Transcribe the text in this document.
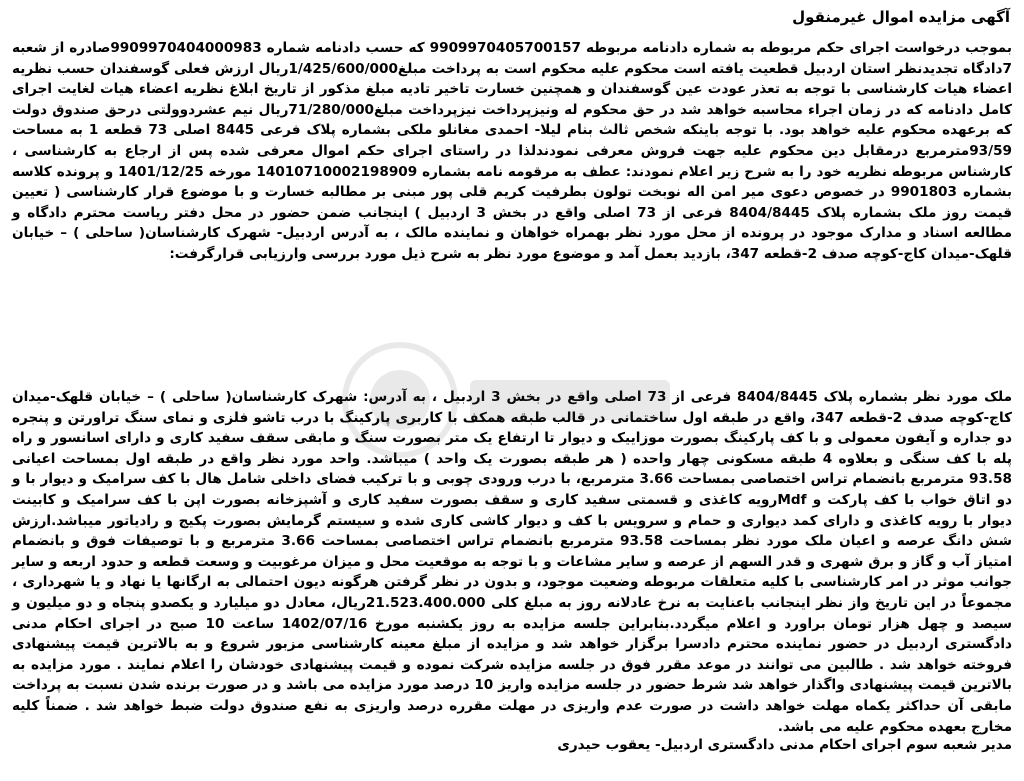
آگهی مزایده اموال غیرمنقول

بموجب درخواست اجرای حکم مربوطه به شماره دادنامه مربوطه 9909970405700157 که حسب دادنامه شماره 9909970404000983صادره از شعبه 7دادگاه تجدیدنظر استان اردبیل قطعیت یافته است محکوم علیه محکوم است به پرداخت مبلغ1/425/600/000ریال ارزش فعلی گوسفندان حسب نظریه اعضاء هیات کارشناسی با توجه به تعذر عودت عین گوسفندان و همچنین خسارت تاخیر تادیه مبلغ مذکور از تاریخ ابلاغ نظریه اعضاء هیات لغایت اجرای کامل دادنامه که در زمان اجراء محاسبه خواهد شد در حق محکوم له ونیزپرداخت نیزپرداخت مبلغ71/280/000ریال نیم عشردوولتی درحق صندوق دولت که برعهده محکوم علیه خواهد بود. با توجه باینکه شخص ثالث بنام لیلا- احمدی مغانلو ملکی بشماره پلاک فرعی 8445 اصلی 73 قطعه 1 به مساحت 93/59مترمربع درمقابل دین محکوم علیه جهت فروش معرفی نمودندلذا در راستای اجرای حکم اموال معرفی شده پس از ارجاع به کارشناسی ، کارشناس مربوطه نظریه خود را به شرح زیر اعلام نمودند: عطف به مرقومه نامه بشماره 14010710002198909 مورخه 1401/12/25 و پرونده کلاسه بشماره 9901803 در خصوص دعوی میر امن اله نوبخت تولون بطرفیت کریم قلی پور مبنی بر مطالبه خسارت و با موضوع قرار کارشناسی ( تعیین قیمت روز ملک بشماره پلاک 8404/8445 فرعی از 73 اصلی واقع در بخش 3 اردبیل ) اینجانب ضمن حضور در محل دفتر ریاست محترم دادگاه و مطالعه اسناد و مدارک موجود در پرونده از محل مورد نظر بهمراه خواهان و نماینده مالک ، به آدرس اردبیل- شهرک کارشناسان( ساحلی ) – خیابان قلهک-میدان کاج-کوچه صدف 2-قطعه 347، بازدید بعمل آمد و موضوع مورد نظر به شرح ذیل مورد بررسی وارزیابی قرارگرفت:

ملک مورد نظر بشماره پلاک 8404/8445 فرعی از 73 اصلی واقع در بخش 3 اردبیل ، به آدرس: شهرک کارشناسان( ساحلی ) – خیابان قلهک-میدان کاج-کوچه صدف 2-قطعه 347، واقع در طبقه اول ساختمانی در قالب طبقه همکف با کاربری پارکینگ با درب تاشو فلزی و نمای سنگ تراورتن و پنجره دو جداره و آیفون معمولی و با کف پارکینگ بصورت موزاییک و دیوار تا ارتفاع یک متر بصورت سنگ و مابقی سقف سفید کاری و دارای اسانسور و راه پله با کف سنگی و بعلاوه 4 طبقه مسکونی چهار واحده ( هر طبقه بصورت یک واحد ) میباشد. واحد مورد نظر واقع در طبقه اول بمساحت اعیانی 93.58 مترمربع بانضمام تراس اختصاصی بمساحت 3.66 مترمربع، با درب ورودی چوبی و با ترکیب فضای داخلی شامل هال با کف سرامیک و دیوار با و دو اتاق خواب با کف پارکت و Mdfرویه کاغذی و قسمتی سفید کاری و سقف بصورت سفید کاری و آشپزخانه بصورت اپن با کف سرامیک و کابینت دیوار با رویه کاغذی و دارای کمد دیواری و حمام و سرویس با کف و دیوار کاشی کاری شده و سیستم گرمایش بصورت پکیج و رادیاتور میباشد.ارزش شش دانگ عرصه و اعیان ملک مورد نظر بمساحت 93.58 مترمربع بانضمام تراس اختصاصی بمساحت 3.66 مترمربع و با توصیفات فوق و بانضمام امتیاز آب و گاز و برق شهری و قدر السهم از عرصه و سایر مشاعات و با توجه به موقعیت محل و میزان مرغوبیت و وسعت قطعه و حدود اربعه و سایر جوانب موثر در امر کارشناسی با کلیه متعلقات مربوطه وضعیت موجود، و بدون در نظر گرفتن هرگونه دیون احتمالی به ارگانها یا نهاد و یا شهرداری ، مجموعاً در این تاریخ واز نظر اینجانب باعنایت به نرخ عادلانه روز به مبلغ کلی 21.523.400.000ریال، معادل دو میلیارد و یکصدو پنجاه و دو میلیون و سیصد و چهل هزار تومان براورد و اعلام میگردد.بنابراین جلسه مزایده به روز یکشنبه مورخ 1402/07/16 ساعت 10 صبح در اجرای احکام مدنی دادگستری اردبیل در حضور نماینده محترم دادسرا برگزار خواهد شد و مزایده از مبلغ معینه کارشناسی مزبور شروع و به بالاترین قیمت پیشنهادی فروخته خواهد شد . طالبین می توانند در موعد مقرر فوق در جلسه مزایده شرکت نموده و قیمت پیشنهادی خودشان را اعلام نمایند . مورد مزایده به بالاترین قیمت پیشنهادی واگذار خواهد شد شرط حضور در جلسه مزایده واریز 10 درصد مورد مزایده می باشد و در صورت برنده شدن نسبت به پرداخت مابقی آن حداکثر یکماه مهلت خواهد داشت در صورت عدم واریزی در مهلت مقرره درصد واریزی به نفع صندوق دولت ضبط خواهد شد . ضمناً کلیه مخارج بعهده محکوم علیه می باشد.

مدیر شعبه سوم اجرای احکام مدنی دادگستری اردبیل- یعقوب حیدری
